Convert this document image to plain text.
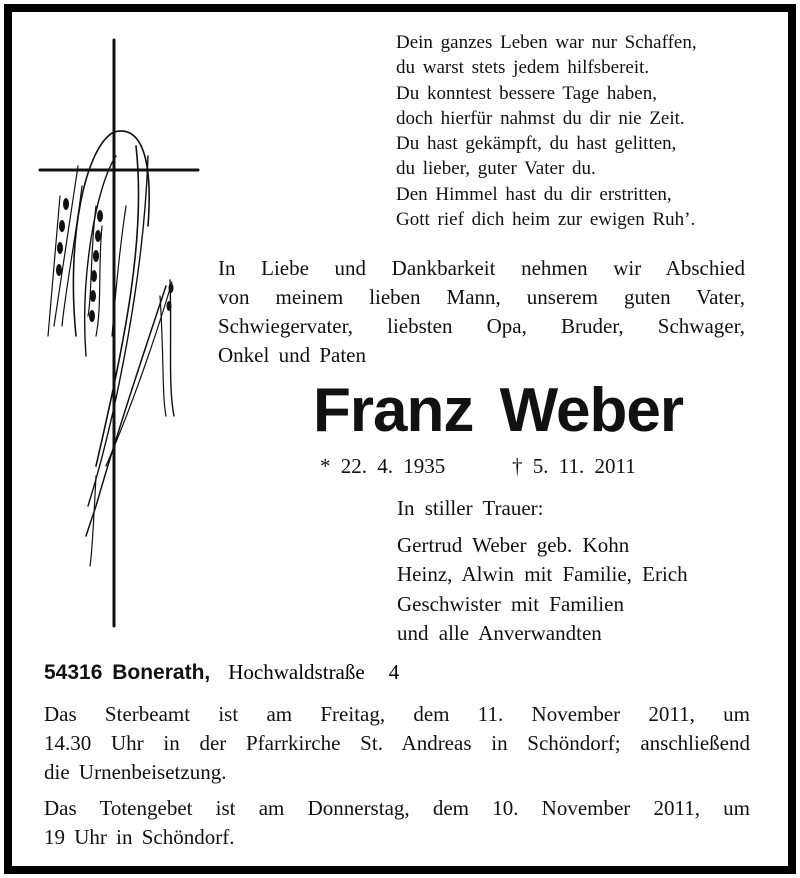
Dein ganzes Leben war nur Schaffen,
du warst stets jedem hilfsbereit.
Du konntest bessere Tage haben,
doch hierfür nahmst du dir nie Zeit.
Du hast gekämpft, du hast gelitten,
du lieber, guter Vater du.
Den Himmel hast du dir erstritten,
Gott rief dich heim zur ewigen Ruh’.
In Liebe und Dankbarkeit nehmen wir Abschied
von meinem lieben Mann, unserem guten Vater,
Schwiegervater, liebsten Opa, Bruder, Schwager,
Onkel und Paten
Franz Weber
* 22. 4. 1935	† 5. 11. 2011
In stiller Trauer:
Gertrud Weber geb. Kohn
Heinz, Alwin mit Familie, Erich
Geschwister mit Familien
und alle Anverwandten
54316 Bonerath, Hochwaldstraße 4
Das Sterbeamt ist am Freitag, dem 11. November 2011, um
14.30 Uhr in der Pfarrkirche St. Andreas in Schöndorf; anschließend
die Urnenbeisetzung.
Das Totengebet ist am Donnerstag, dem 10. November 2011, um
19 Uhr in Schöndorf.
